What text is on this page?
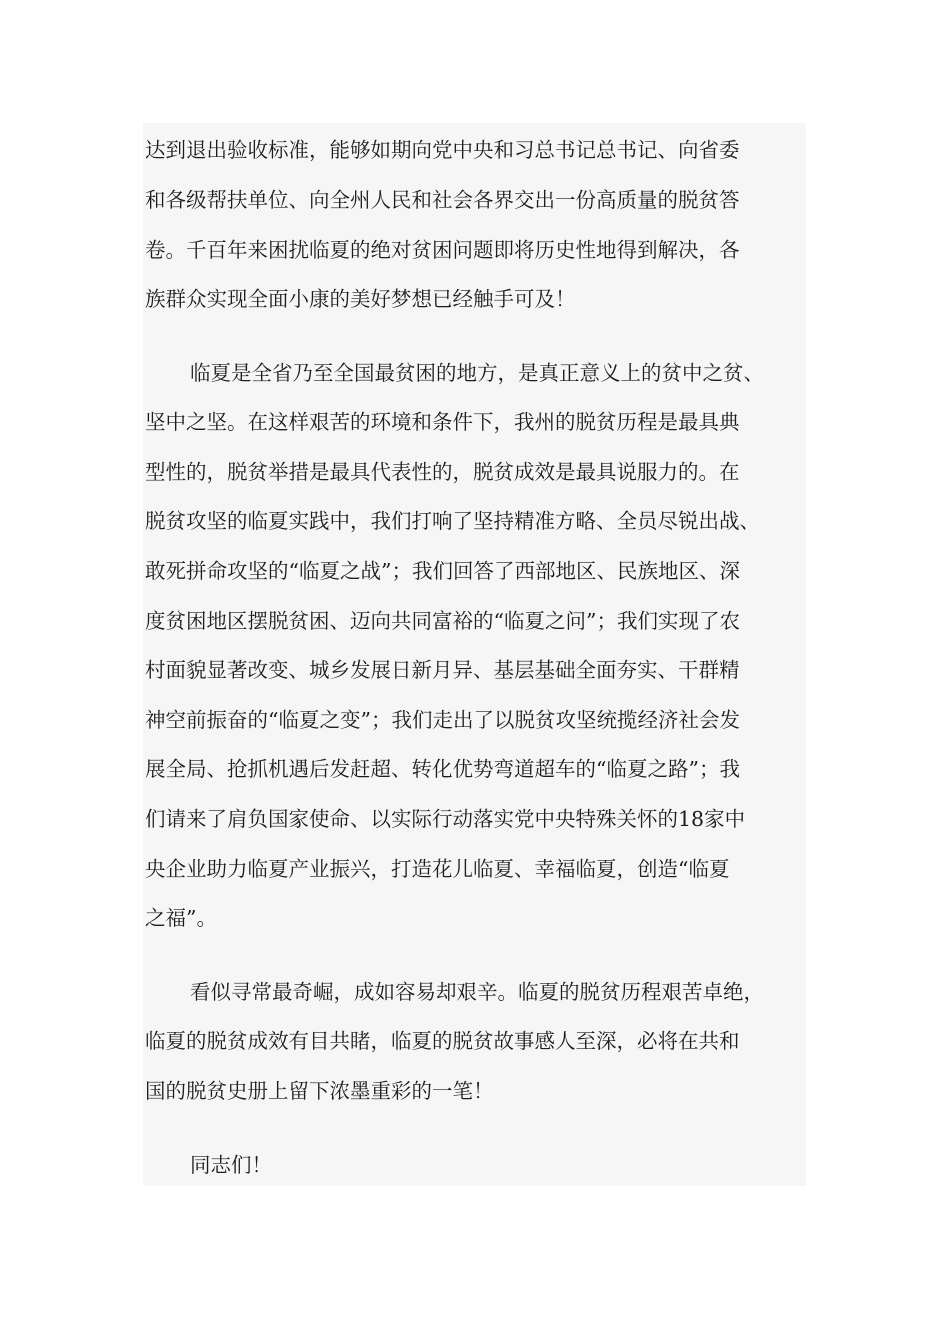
达到退出验收标准，能够如期向党中央和习总书记总书记、向省委
和各级帮扶单位、向全州人民和社会各界交出一份高质量的脱贫答
卷。千百年来困扰临夏的绝对贫困问题即将历史性地得到解决，各
族群众实现全面小康的美好梦想已经触手可及！
临夏是全省乃至全国最贫困的地方，是真正意义上的贫中之贫、
坚中之坚。在这样艰苦的环境和条件下，我州的脱贫历程是最具典
型性的，脱贫举措是最具代表性的，脱贫成效是最具说服力的。在
脱贫攻坚的临夏实践中，我们打响了坚持精准方略、全员尽锐出战、
敢死拼命攻坚的“临夏之战”；我们回答了西部地区、民族地区、深
度贫困地区摆脱贫困、迈向共同富裕的“临夏之问”；我们实现了农
村面貌显著改变、城乡发展日新月异、基层基础全面夯实、干群精
神空前振奋的“临夏之变”；我们走出了以脱贫攻坚统揽经济社会发
展全局、抢抓机遇后发赶超、转化优势弯道超车的“临夏之路”；我
们请来了肩负国家使命、以实际行动落实党中央特殊关怀的18家中
央企业助力临夏产业振兴，打造花儿临夏、幸福临夏，创造“临夏
之福”。
看似寻常最奇崛，成如容易却艰辛。临夏的脱贫历程艰苦卓绝，
临夏的脱贫成效有目共睹，临夏的脱贫故事感人至深，必将在共和
国的脱贫史册上留下浓墨重彩的一笔！
同志们！
